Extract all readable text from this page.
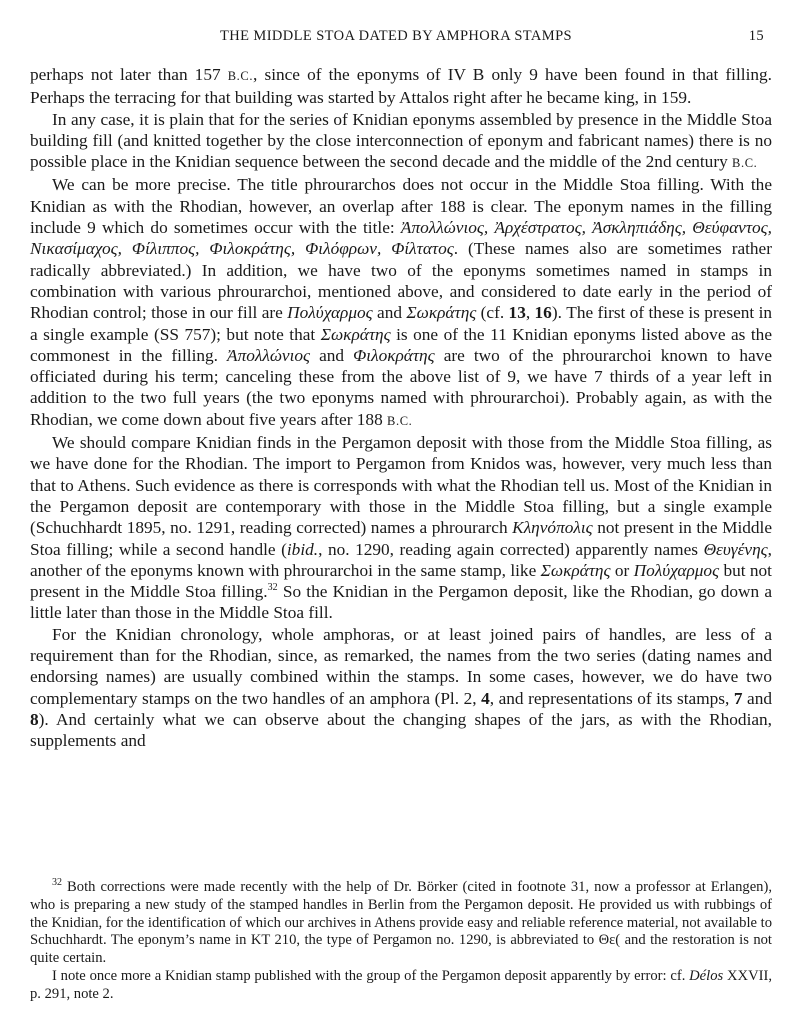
THE MIDDLE STOA DATED BY AMPHORA STAMPS	15

perhaps not later than 157 B.C., since of the eponyms of IV B only 9 have been found in that filling. Perhaps the terracing for that building was started by Attalos right after he became king, in 159.

In any case, it is plain that for the series of Knidian eponyms assembled by presence in the Middle Stoa building fill (and knitted together by the close interconnection of eponym and fabricant names) there is no possible place in the Knidian sequence between the second decade and the middle of the 2nd century B.C.

We can be more precise. The title phrourarchos does not occur in the Middle Stoa filling. With the Knidian as with the Rhodian, however, an overlap after 188 is clear. The eponym names in the filling include 9 which do sometimes occur with the title: Ἀπολλώνιος, Ἀρχέστρατος, Ἀσκληπιάδης, Θεύφαντος, Νικασίμαχος, Φίλιππος, Φιλοκράτης, Φιλόφρων, Φίλτατος. (These names also are sometimes rather radically abbreviated.) In addition, we have two of the eponyms sometimes named in stamps in combination with various phrourarchoi, mentioned above, and considered to date early in the period of Rhodian control; those in our fill are Πολύχαρμος and Σωκράτης (cf. 13, 16). The first of these is present in a single example (SS 757); but note that Σωκράτης is one of the 11 Knidian eponyms listed above as the commonest in the filling. Ἀπολλώνιος and Φιλοκράτης are two of the phrourarchoi known to have officiated during his term; canceling these from the above list of 9, we have 7 thirds of a year left in addition to the two full years (the two eponyms named with phrourarchoi). Probably again, as with the Rhodian, we come down about five years after 188 B.C.

We should compare Knidian finds in the Pergamon deposit with those from the Middle Stoa filling, as we have done for the Rhodian. The import to Pergamon from Knidos was, however, very much less than that to Athens. Such evidence as there is corresponds with what the Rhodian tell us. Most of the Knidian in the Pergamon deposit are contemporary with those in the Middle Stoa filling, but a single example (Schuchhardt 1895, no. 1291, reading corrected) names a phrourarch Κληνόπολις not present in the Middle Stoa filling; while a second handle (ibid., no. 1290, reading again corrected) apparently names Θευγένης, another of the eponyms known with phrourarchoi in the same stamp, like Σωκράτης or Πολύχαρμος but not present in the Middle Stoa filling.$^{32}$ So the Knidian in the Pergamon deposit, like the Rhodian, go down a little later than those in the Middle Stoa fill.

For the Knidian chronology, whole amphoras, or at least joined pairs of handles, are less of a requirement than for the Rhodian, since, as remarked, the names from the two series (dating names and endorsing names) are usually combined within the stamps. In some cases, however, we do have two complementary stamps on the two handles of an amphora (Pl. 2, 4, and representations of its stamps, 7 and 8). And certainly what we can observe about the changing shapes of the jars, as with the Rhodian, supplements and

$^{32}$ Both corrections were made recently with the help of Dr. Börker (cited in footnote 31, now a professor at Erlangen), who is preparing a new study of the stamped handles in Berlin from the Pergamon deposit. He provided us with rubbings of the Knidian, for the identification of which our archives in Athens provide easy and reliable reference material, not available to Schuchhardt. The eponym’s name in KT 210, the type of Pergamon no. 1290, is abbreviated to Θε( and the restoration is not quite certain.

I note once more a Knidian stamp published with the group of the Pergamon deposit apparently by error: cf. Délos XXVII, p. 291, note 2.
